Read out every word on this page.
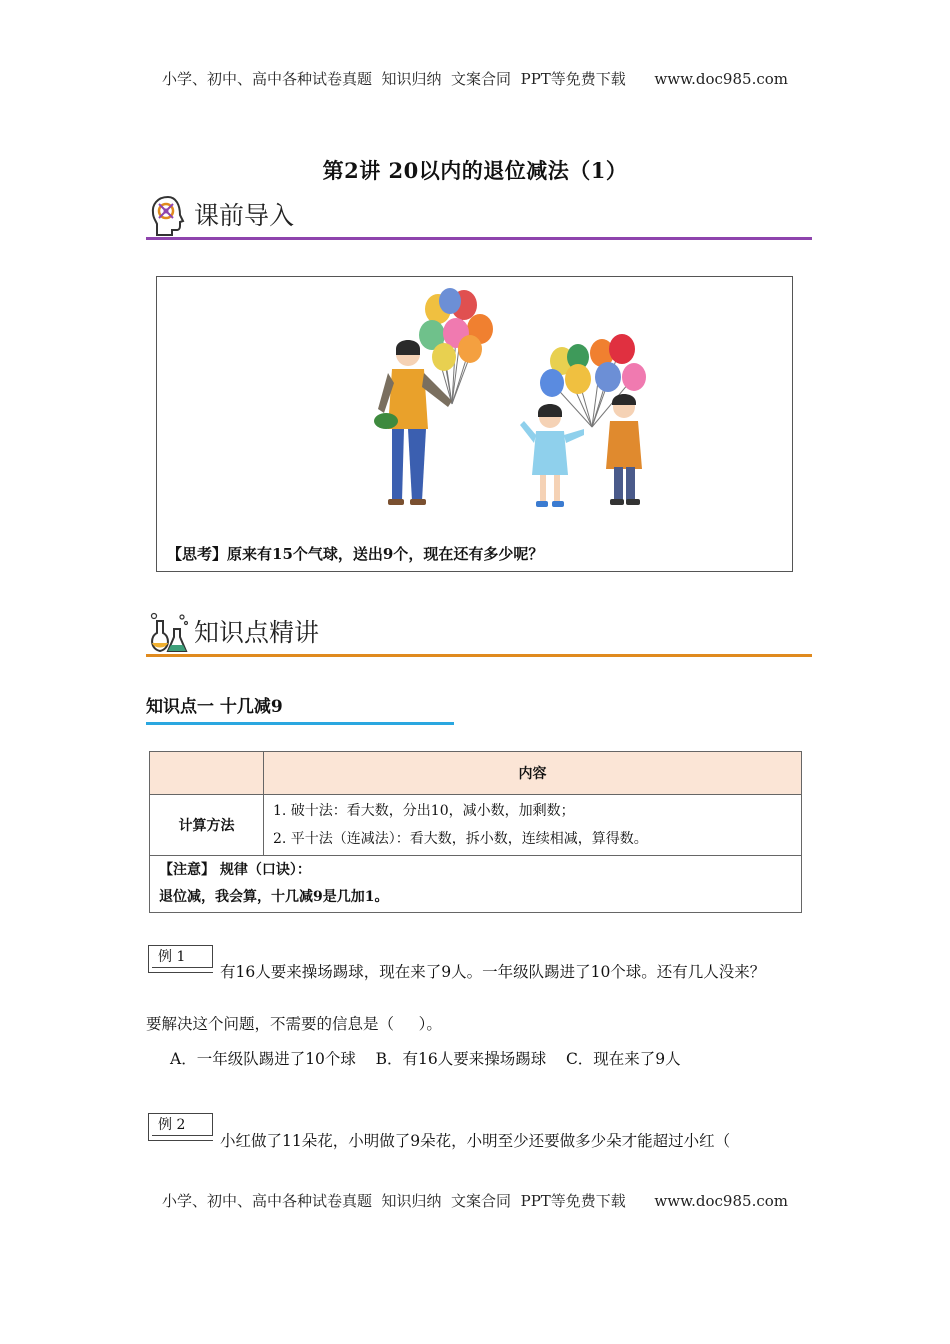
小学、初中、高中各种试卷真题  知识归纳  文案合同  PPT等免费下载      www.doc985.com
第2讲 20以内的退位减法（1）
课前导入
【思考】原来有15个气球，送出9个，现在还有多少呢？
知识点精讲
知识点一 十几减9
	内容
计算方法	1. 破十法：看大数，分出10，减小数，加剩数；
2. 平十法（连减法）：看大数，拆小数，连续相减，算得数。

【注意】 规律（口诀）：
退位减，我会算，十几减9是几加1。	
例 1
有16人要来操场踢球，现在来了9人。一年级队踢进了10个球。还有几人没来？
要解决这个问题，不需要的信息是（     ）。
A．一年级队踢进了10个球    B．有16人要来操场踢球    C．现在来了9人
例 2
小红做了11朵花，小明做了9朵花，小明至少还要做多少朵才能超过小红（
小学、初中、高中各种试卷真题  知识归纳  文案合同  PPT等免费下载      www.doc985.com
